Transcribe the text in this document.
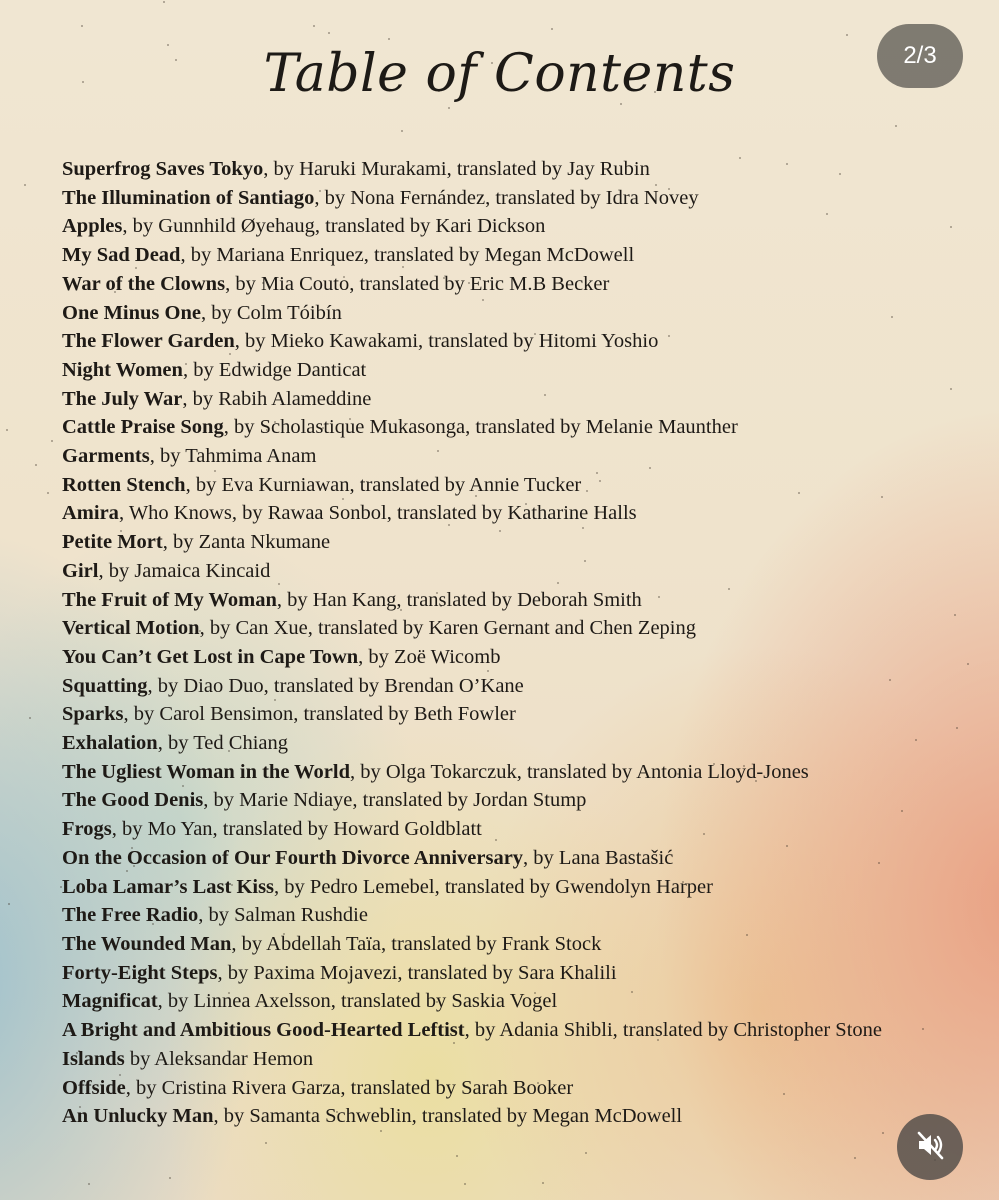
Table of Contents	2/3
Superfrog Saves Tokyo, by Haruki Murakami, translated by Jay Rubin
The Illumination of Santiago, by Nona Fernández, translated by Idra Novey
Apples, by Gunnhild Øyehaug, translated by Kari Dickson
My Sad Dead, by Mariana Enriquez, translated by Megan McDowell
War of the Clowns, by Mia Couto, translated by Eric M.B Becker
One Minus One, by Colm Tóibín
The Flower Garden, by Mieko Kawakami, translated by Hitomi Yoshio
Night Women, by Edwidge Danticat
The July War, by Rabih Alameddine
Cattle Praise Song, by Scholastique Mukasonga, translated by Melanie Maunther
Garments, by Tahmima Anam
Rotten Stench, by Eva Kurniawan, translated by Annie Tucker
Amira, Who Knows, by Rawaa Sonbol, translated by Katharine Halls
Petite Mort, by Zanta Nkumane
Girl, by Jamaica Kincaid
The Fruit of My Woman, by Han Kang, translated by Deborah Smith
Vertical Motion, by Can Xue, translated by Karen Gernant and Chen Zeping
You Can’t Get Lost in Cape Town, by Zoë Wicomb
Squatting, by Diao Duo, translated by Brendan O’Kane
Sparks, by Carol Bensimon, translated by Beth Fowler
Exhalation, by Ted Chiang
The Ugliest Woman in the World, by Olga Tokarczuk, translated by Antonia Lloyd-Jones
The Good Denis, by Marie Ndiaye, translated by Jordan Stump
Frogs, by Mo Yan, translated by Howard Goldblatt
On the Occasion of Our Fourth Divorce Anniversary, by Lana Bastašić
Loba Lamar’s Last Kiss, by Pedro Lemebel, translated by Gwendolyn Harper
The Free Radio, by Salman Rushdie
The Wounded Man, by Abdellah Taïa, translated by Frank Stock
Forty-Eight Steps, by Paxima Mojavezi, translated by Sara Khalili
Magnificat, by Linnea Axelsson, translated by Saskia Vogel
A Bright and Ambitious Good-Hearted Leftist, by Adania Shibli, translated by Christopher Stone
Islands by Aleksandar Hemon
Offside, by Cristina Rivera Garza, translated by Sarah Booker
An Unlucky Man, by Samanta Schweblin, translated by Megan McDowell
